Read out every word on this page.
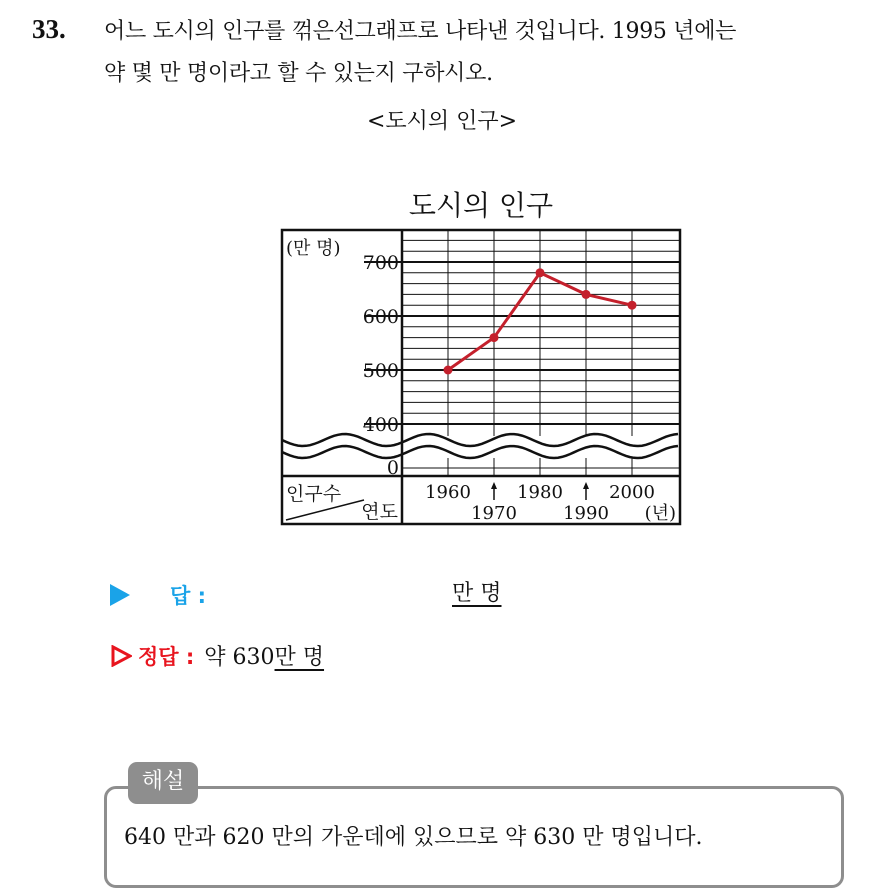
33. 어느 도시의 인구를 꺾은선그래프로 나타낸 것입니다. 1995 년에는
약 몇 만 명이라고 할 수 있는지 구하시오.
<도시의 인구>
도시의 인구
(만 명)
700
600
500
400
0
인구수
연도
1960
1970
1980
1990
2000
(년)
답 :	만 명
정답 : 약 630만 명
해설
640 만과 620 만의 가운데에 있으므로 약 630 만 명입니다.
